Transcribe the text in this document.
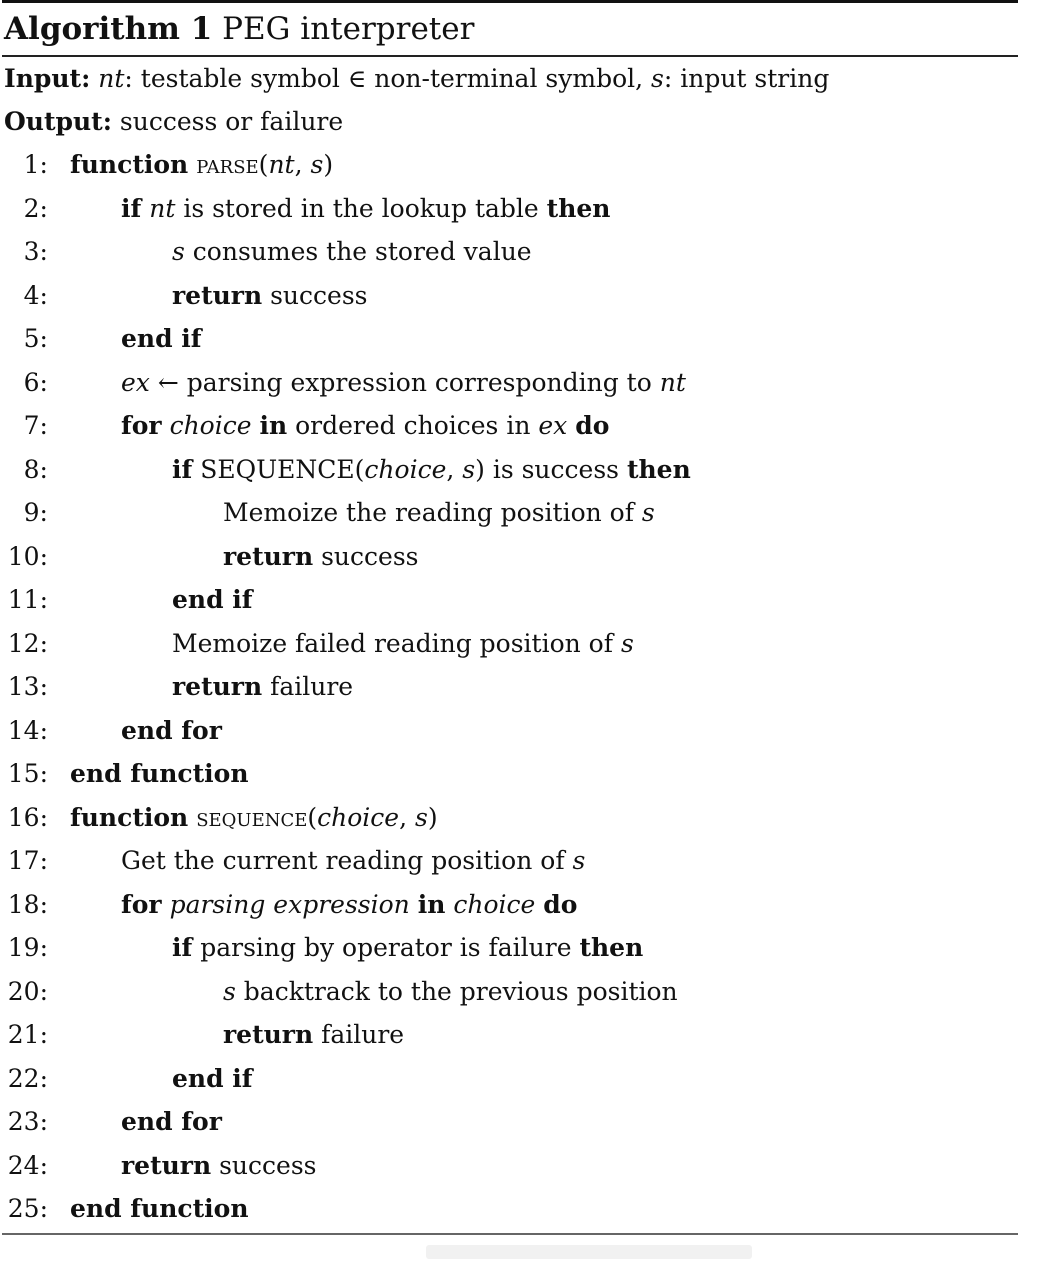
Algorithm 1 PEG interpreter
Input: nt: testable symbol ∈ non-terminal symbol, s: input string
Output: success or failure
1: function parse(nt, s)
2:	if nt is stored in the lookup table then
3:	s consumes the stored value
4:	return success
5:	end if
6:	ex ← parsing expression corresponding to nt
7:	for choice in ordered choices in ex do
8:	if SEQUENCE(choice, s) is success then
9:	Memoize the reading position of s
10:	return success
11:	end if
12:	Memoize failed reading position of s
13:	return failure
14:	end for
15: end function
16: function sequence(choice, s)
17:	Get the current reading position of s
18:	for parsing expression in choice do
19:	if parsing by operator is failure then
20:	s backtrack to the previous position
21:	return failure
22:	end if
23:	end for
24:	return success
25: end function
